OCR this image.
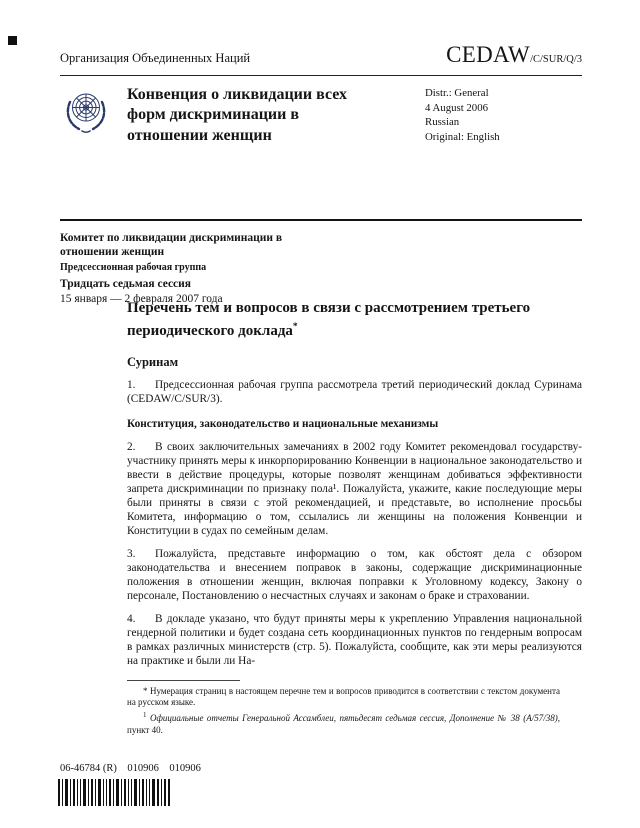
Организация Объединенных Наций	CEDAW/C/SUR/Q/3
Конвенция о ликвидации всех форм дискриминации в отношении женщин
Distr.: General
4 August 2006
Russian
Original: English
Комитет по ликвидации дискриминации в отношении женщин
Предсессионная рабочая группа
Тридцать седьмая сессия
15 января — 2 февраля 2007 года
Перечень тем и вопросов в связи с рассмотрением третьего периодического доклада*
Суринам

1. Предсессионная рабочая группа рассмотрела третий периодический доклад Суринама (CEDAW/C/SUR/3).

Конституция, законодательство и национальные механизмы

2. В своих заключительных замечаниях в 2002 году Комитет рекомендовал государству-участнику принять меры к инкорпорированию Конвенции в национальное законодательство и ввести в действие процедуры, которые позволят женщинам добиваться эффективности запрета дискриминации по признаку пола¹. Пожалуйста, укажите, какие последующие меры были приняты в связи с этой рекомендацией, и представьте, во исполнение просьбы Комитета, информацию о том, ссылались ли женщины на положения Конвенции и Конституции в судах по семейным делам.

3. Пожалуйста, представьте информацию о том, как обстоят дела с обзором законодательства и внесением поправок в законы, содержащие дискриминационные положения в отношении женщин, включая поправки к Уголовному кодексу, Закону о персонале, Постановлению о несчастных случаях и законам о браке и страховании.

4. В докладе указано, что будут приняты меры к укреплению Управления национальной гендерной политики и будет создана сеть координационных пунктов по гендерным вопросам в рамках различных министерств (стр. 5). Пожалуйста, сообщите, как эти меры реализуются на практике и были ли На-

* Нумерация страниц в настоящем перечне тем и вопросов приводится в соответствии с текстом документа на русском языке.
$^1$ Официальные отчеты Генеральной Ассамблеи, пятьдесят седьмая сессия, Дополнение № 38 (A/57/38), пункт 40.
06-46784 (R)    010906    010906
